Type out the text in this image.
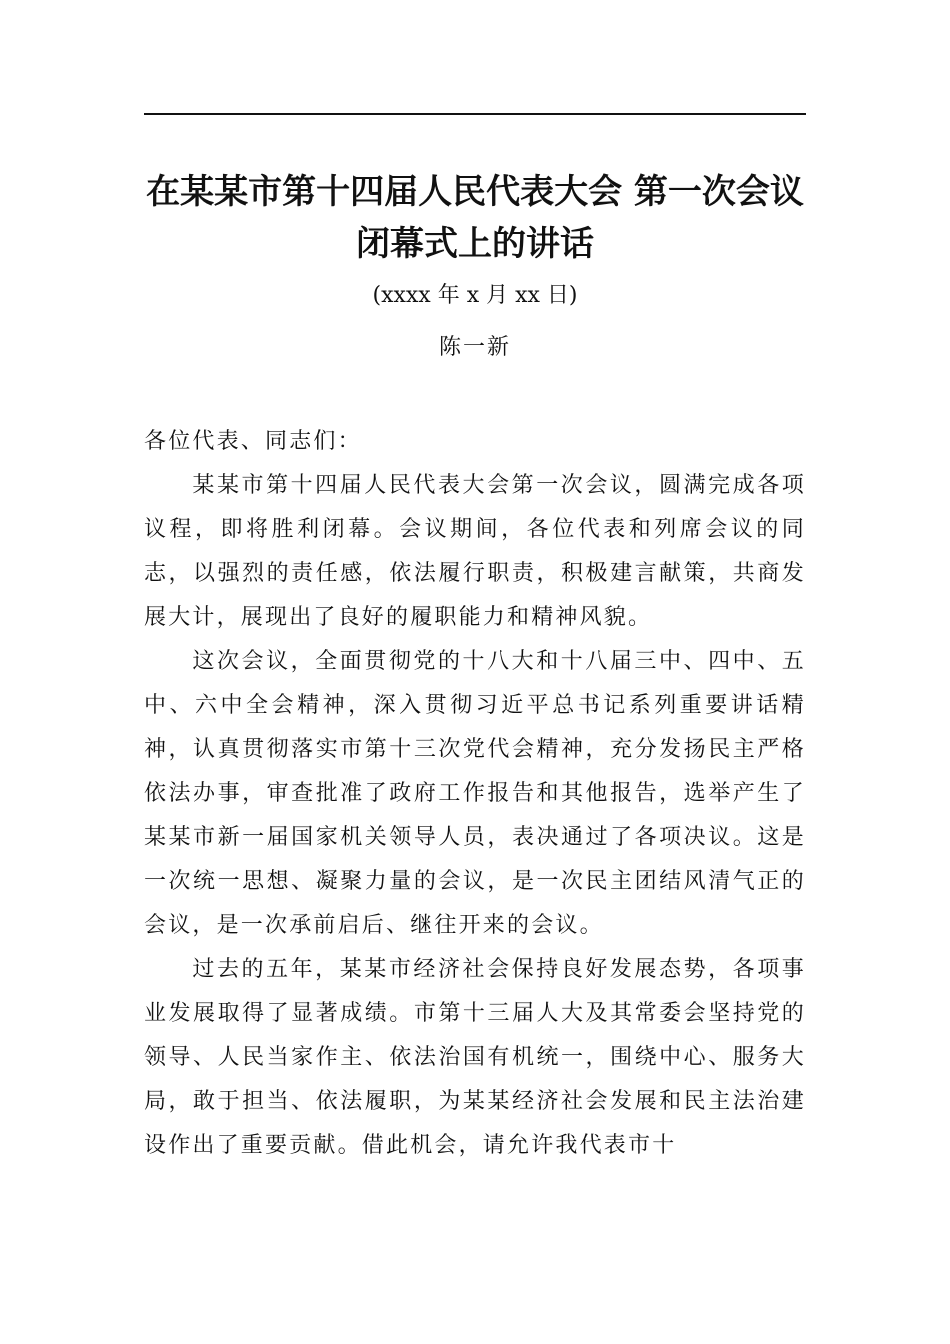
在某某市第十四届人民代表大会 第一次会议闭幕式上的讲话
(xxxx 年 x 月 xx 日)
陈一新

各位代表、同志们：

某某市第十四届人民代表大会第一次会议，圆满完成各项议程，即将胜利闭幕。会议期间，各位代表和列席会议的同志，以强烈的责任感，依法履行职责，积极建言献策，共商发展大计，展现出了良好的履职能力和精神风貌。

这次会议，全面贯彻党的十八大和十八届三中、四中、五中、六中全会精神，深入贯彻习近平总书记系列重要讲话精神，认真贯彻落实市第十三次党代会精神，充分发扬民主严格依法办事，审查批准了政府工作报告和其他报告，选举产生了某某市新一届国家机关领导人员，表决通过了各项决议。这是一次统一思想、凝聚力量的会议，是一次民主团结风清气正的会议，是一次承前启后、继往开来的会议。

过去的五年，某某市经济社会保持良好发展态势，各项事业发展取得了显著成绩。市第十三届人大及其常委会坚持党的领导、人民当家作主、依法治国有机统一，围绕中心、服务大局，敢于担当、依法履职，为某某经济社会发展和民主法治建设作出了重要贡献。借此机会，请允许我代表市十
